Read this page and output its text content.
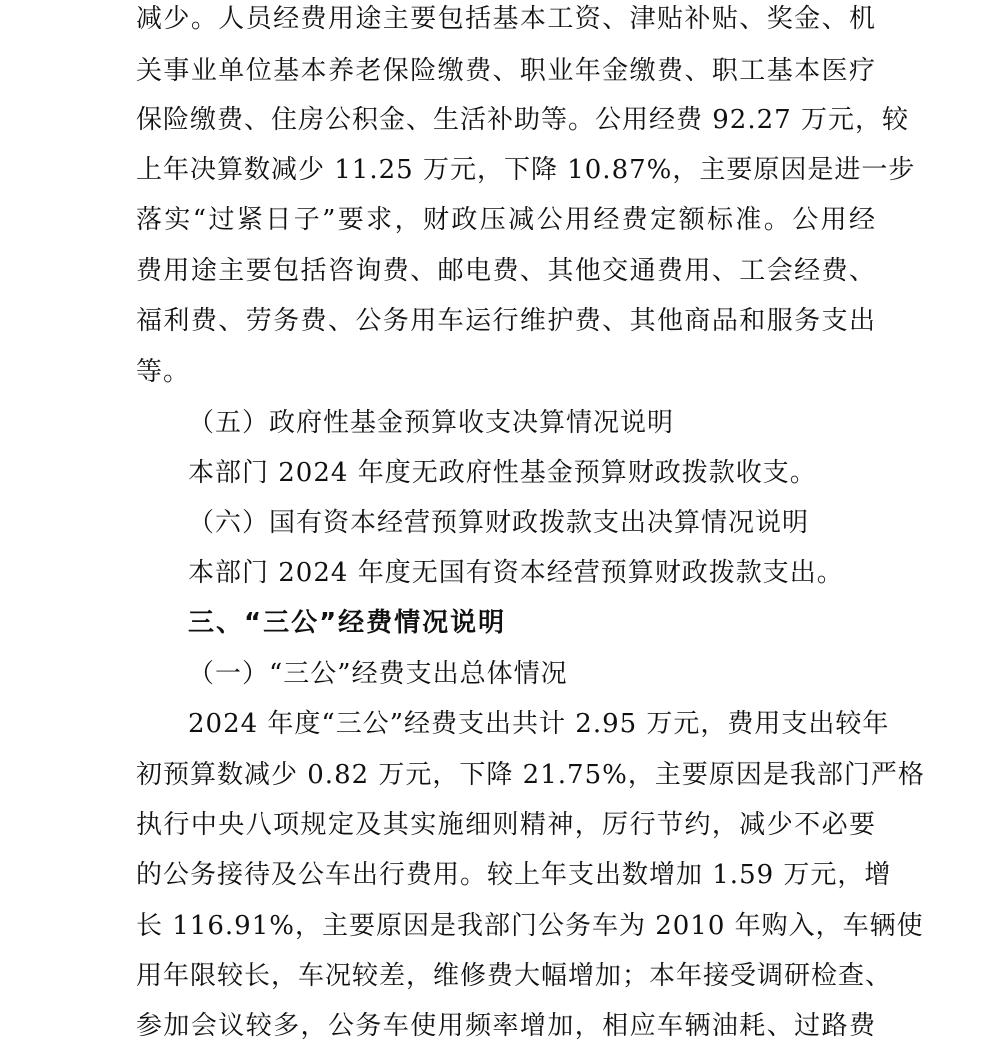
减少。人员经费用途主要包括基本工资、津贴补贴、奖金、机
关事业单位基本养老保险缴费、职业年金缴费、职工基本医疗
保险缴费、住房公积金、生活补助等。公用经费 92.27 万元，较
上年决算数减少 11.25 万元，下降 10.87%，主要原因是进一步
落实“过紧日子”要求，财政压减公用经费定额标准。公用经
费用途主要包括咨询费、邮电费、其他交通费用、工会经费、
福利费、劳务费、公务用车运行维护费、其他商品和服务支出
等。
（五）政府性基金预算收支决算情况说明
本部门 2024 年度无政府性基金预算财政拨款收支。
（六）国有资本经营预算财政拨款支出决算情况说明
本部门 2024 年度无国有资本经营预算财政拨款支出。
三、“三公”经费情况说明
（一）“三公”经费支出总体情况
2024 年度“三公”经费支出共计 2.95 万元，费用支出较年
初预算数减少 0.82 万元，下降 21.75%，主要原因是我部门严格
执行中央八项规定及其实施细则精神，厉行节约，减少不必要
的公务接待及公车出行费用。较上年支出数增加 1.59 万元，增
长 116.91%，主要原因是我部门公务车为 2010 年购入，车辆使
用年限较长，车况较差，维修费大幅增加；本年接受调研检查、
参加会议较多，公务车使用频率增加，相应车辆油耗、过路费
